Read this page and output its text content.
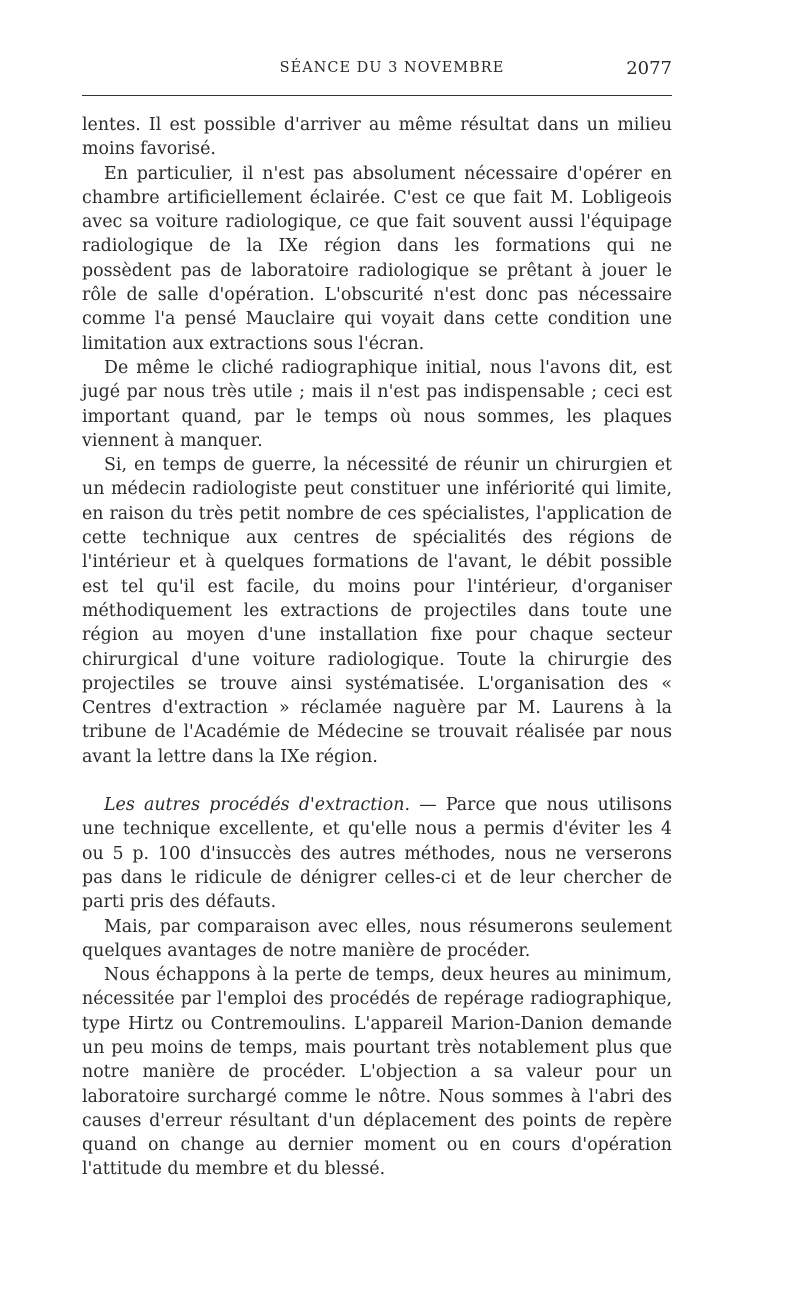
SÉANCE DU 3 NOVEMBRE	2077

lentes. Il est possible d'arriver au même résultat dans un milieu moins favorisé.

En particulier, il n'est pas absolument nécessaire d'opérer en chambre artificiellement éclairée. C'est ce que fait M. Lobligeois avec sa voiture radiologique, ce que fait souvent aussi l'équipage radiologique de la IXe région dans les formations qui ne possèdent pas de laboratoire radiologique se prêtant à jouer le rôle de salle d'opération. L'obscurité n'est donc pas nécessaire comme l'a pensé Mauclaire qui voyait dans cette condition une limitation aux extractions sous l'écran.

De même le cliché radiographique initial, nous l'avons dit, est jugé par nous très utile ; mais il n'est pas indispensable ; ceci est important quand, par le temps où nous sommes, les plaques viennent à manquer.

Si, en temps de guerre, la nécessité de réunir un chirurgien et un médecin radiologiste peut constituer une infériorité qui limite, en raison du très petit nombre de ces spécialistes, l'application de cette technique aux centres de spécialités des régions de l'intérieur et à quelques formations de l'avant, le débit possible est tel qu'il est facile, du moins pour l'intérieur, d'organiser méthodiquement les extractions de projectiles dans toute une région au moyen d'une installation fixe pour chaque secteur chirurgical d'une voiture radiologique. Toute la chirurgie des projectiles se trouve ainsi systématisée. L'organisation des « Centres d'extraction » réclamée naguère par M. Laurens à la tribune de l'Académie de Médecine se trouvait réalisée par nous avant la lettre dans la IXe région.

Les autres procédés d'extraction. — Parce que nous utilisons une technique excellente, et qu'elle nous a permis d'éviter les 4 ou 5 p. 100 d'insuccès des autres méthodes, nous ne verserons pas dans le ridicule de dénigrer celles-ci et de leur chercher de parti pris des défauts.

Mais, par comparaison avec elles, nous résumerons seulement quelques avantages de notre manière de procéder.

Nous échappons à la perte de temps, deux heures au minimum, nécessitée par l'emploi des procédés de repérage radiographique, type Hirtz ou Contremoulins. L'appareil Marion-Danion demande un peu moins de temps, mais pourtant très notablement plus que notre manière de procéder. L'objection a sa valeur pour un laboratoire surchargé comme le nôtre. Nous sommes à l'abri des causes d'erreur résultant d'un déplacement des points de repère quand on change au dernier moment ou en cours d'opération l'attitude du membre et du blessé.
